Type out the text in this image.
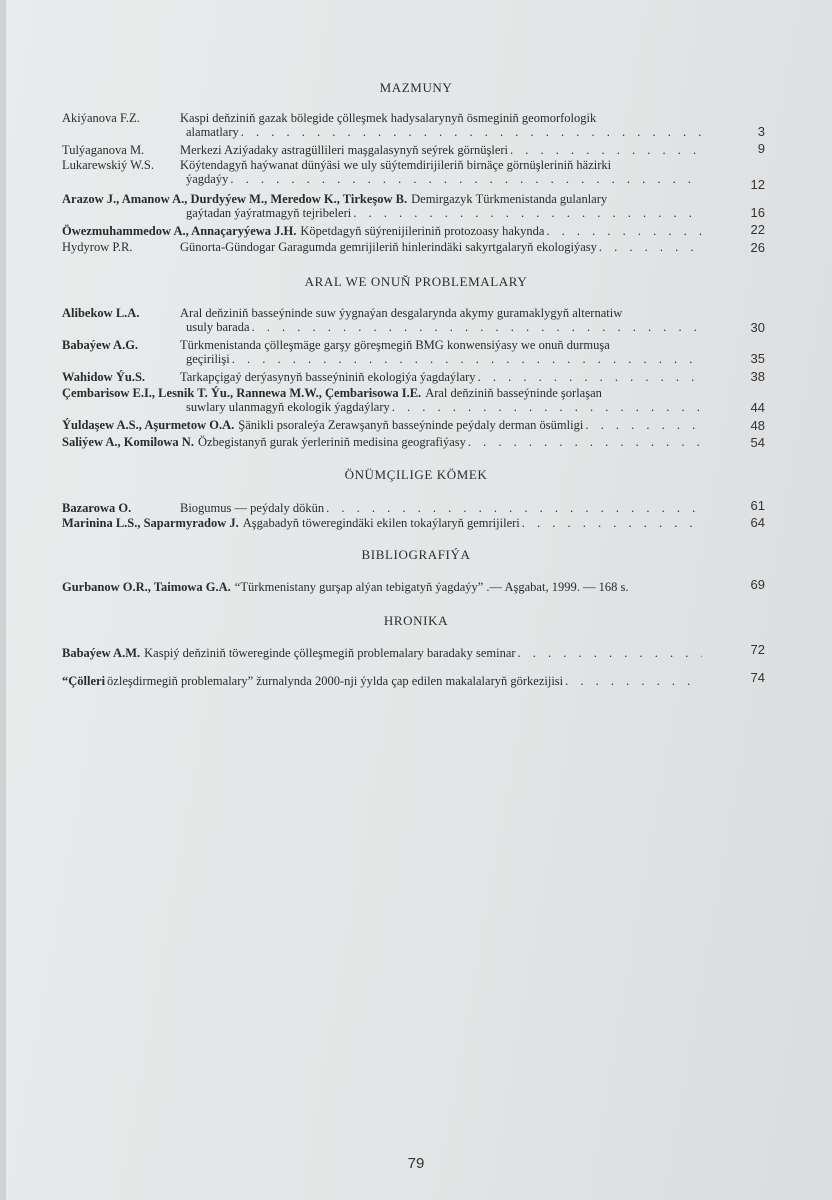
MAZMUNY
Akiýanova F.Z.	Kaspi deňziniň gazak bölegide çölleşmek hadysalarynyň ösmeginiň geomorfologik
alamatlary . . .	3
Tulýaganova M.	Merkezi Aziýadaky astragüllileri maşgalasynyň seýrek görnüşleri . . .	9
Lukarewskiý W.S.	Köýtendagyň haýwanat dünýäsi we uly süýtemdirijileriň birnäçe görnüşleriniň häzirki
ýagdaýy . . .	12
Arazow J., Amanow A., Durdyýew M., Meredow K., Tirkeşow B. Demirgazyk Türkmenistanda gulanlary
gaýtadan ýaýratmagyň tejribeleri . . .	16
Öwezmuhammedow A., Annaçaryýewa J.H. Köpetdagyň süýrenijileriniň protozoasy hakynda . . .	22
Hydyrow P.R.	Günorta-Gündogar Garagumda gemrijileriň hinlerindäki sakyrtgalaryň ekologiýasy . . .	26
ARAL WE ONUŇ PROBLEMALARY
Alibekow L.A.	Aral deňziniň basseýninde suw ýygnaýan desgalarynda akymy guramaklygyň alternatiw
usuly barada . . .	30
Babaýew A.G.	Türkmenistanda çölleşmäge garşy göreşmegiň BMG konwensiýasy we onuň durmuşa
geçirilişi . . .	35
Wahidow Ýu.S.	Tarkapçigaý derýasynyň basseýniniň ekologiýa ýagdaýlary . . .	38
Çembarisow E.I., Lesnik T. Ýu., Rannewa M.W., Çembarisowa I.E. Aral deňziniň basseýninde şorlaşan
suwlary ulanmagyň ekologik ýagdaýlary . . .	44
Ýuldaşew A.S., Aşurmetow O.A. Şänikli psoraleýa Zerawşanyň basseýninde peýdaly derman ösümligi . . .	48
Saliýew A., Komilowa N. Özbegistanyň gurak ýerleriniň medisina geografiýasy . . .	54
ÖNÜMÇILIGE KÖMEK
Bazarowa O.	Biogumus — peýdaly dökün . . .	61
Marinina L.S., Saparmyradow J. Aşgabadyň töweregindäki ekilen tokaýlaryň gemrijileri . . .	64
BIBLIOGRAFIÝA
Gurbanow O.R., Taimowa G.A. “Türkmenistany gurşap alýan tebigatyň ýagdaýy” .— Aşgabat, 1999. — 168 s.	69
HRONIKA
Babaýew A.M. Kaspiý deňziniň töwereginde çölleşmegiň problemalary baradaky seminar . . .	72
“Çölleri özleşdirmegiň problemalary” žurnalynda 2000-nji ýylda çap edilen makalalaryň görkezijisi . . .	74
79
